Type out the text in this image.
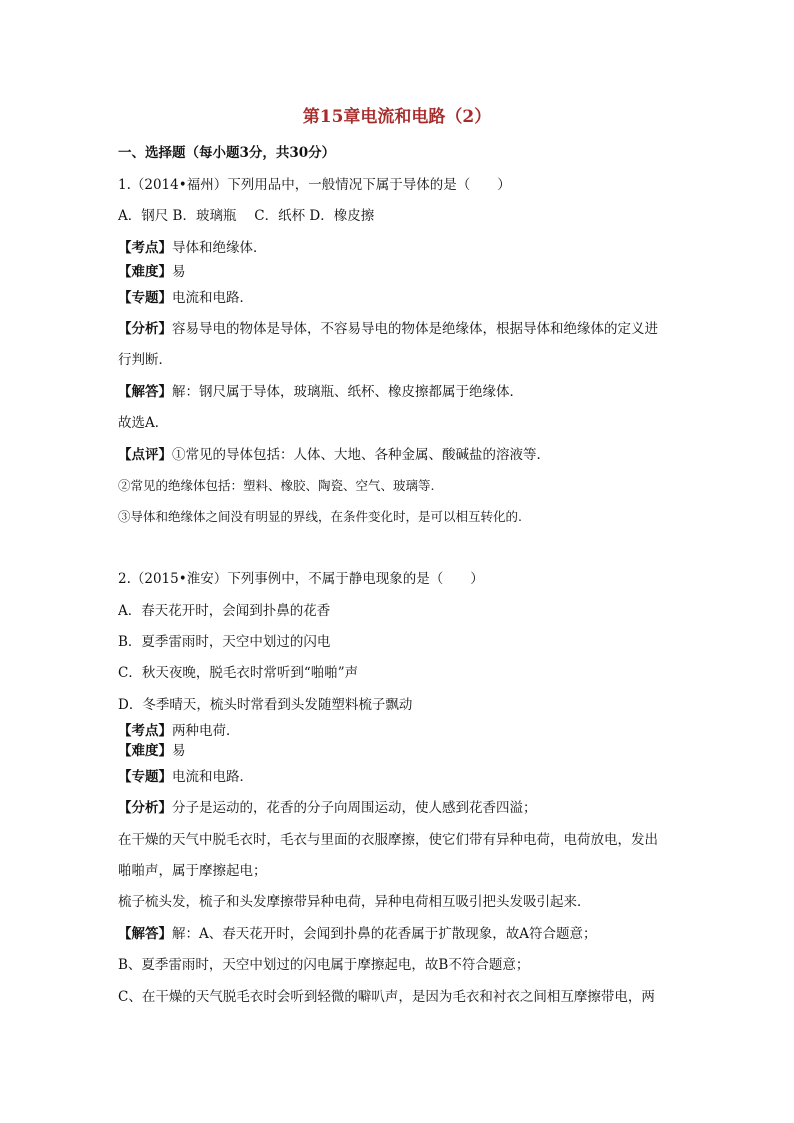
第15章电流和电路（2）
一、选择题（每小题3分，共30分）
1.（2014•福州）下列用品中，一般情况下属于导体的是（　　）
A．钢尺 B．玻璃瓶　 C．纸杯 D．橡皮擦
【考点】导体和绝缘体．
【难度】易
【专题】电流和电路．
【分析】容易导电的物体是导体，不容易导电的物体是绝缘体，根据导体和绝缘体的定义进
行判断．
【解答】解：钢尺属于导体，玻璃瓶、纸杯、橡皮擦都属于绝缘体．
故选A．
【点评】①常见的导体包括：人体、大地、各种金属、酸碱盐的溶液等．
②常见的绝缘体包括：塑料、橡胶、陶瓷、空气、玻璃等.
③导体和绝缘体之间没有明显的界线，在条件变化时，是可以相互转化的.
2.（2015•淮安）下列事例中，不属于静电现象的是（　　）
A．春天花开时，会闻到扑鼻的花香
B．夏季雷雨时，天空中划过的闪电
C．秋天夜晚，脱毛衣时常听到“啪啪”声
D．冬季晴天，梳头时常看到头发随塑料梳子飘动
【考点】两种电荷．
【难度】易
【专题】电流和电路．
【分析】分子是运动的，花香的分子向周围运动，使人感到花香四溢；
在干燥的天气中脱毛衣时，毛衣与里面的衣服摩擦，使它们带有异种电荷，电荷放电，发出
啪啪声，属于摩擦起电；
梳子梳头发，梳子和头发摩擦带异种电荷，异种电荷相互吸引把头发吸引起来．
【解答】解：A、春天花开时，会闻到扑鼻的花香属于扩散现象，故A符合题意；
B、夏季雷雨时，天空中划过的闪电属于摩擦起电，故B不符合题意；
C、在干燥的天气脱毛衣时会听到轻微的噼叭声，是因为毛衣和衬衣之间相互摩擦带电，两
